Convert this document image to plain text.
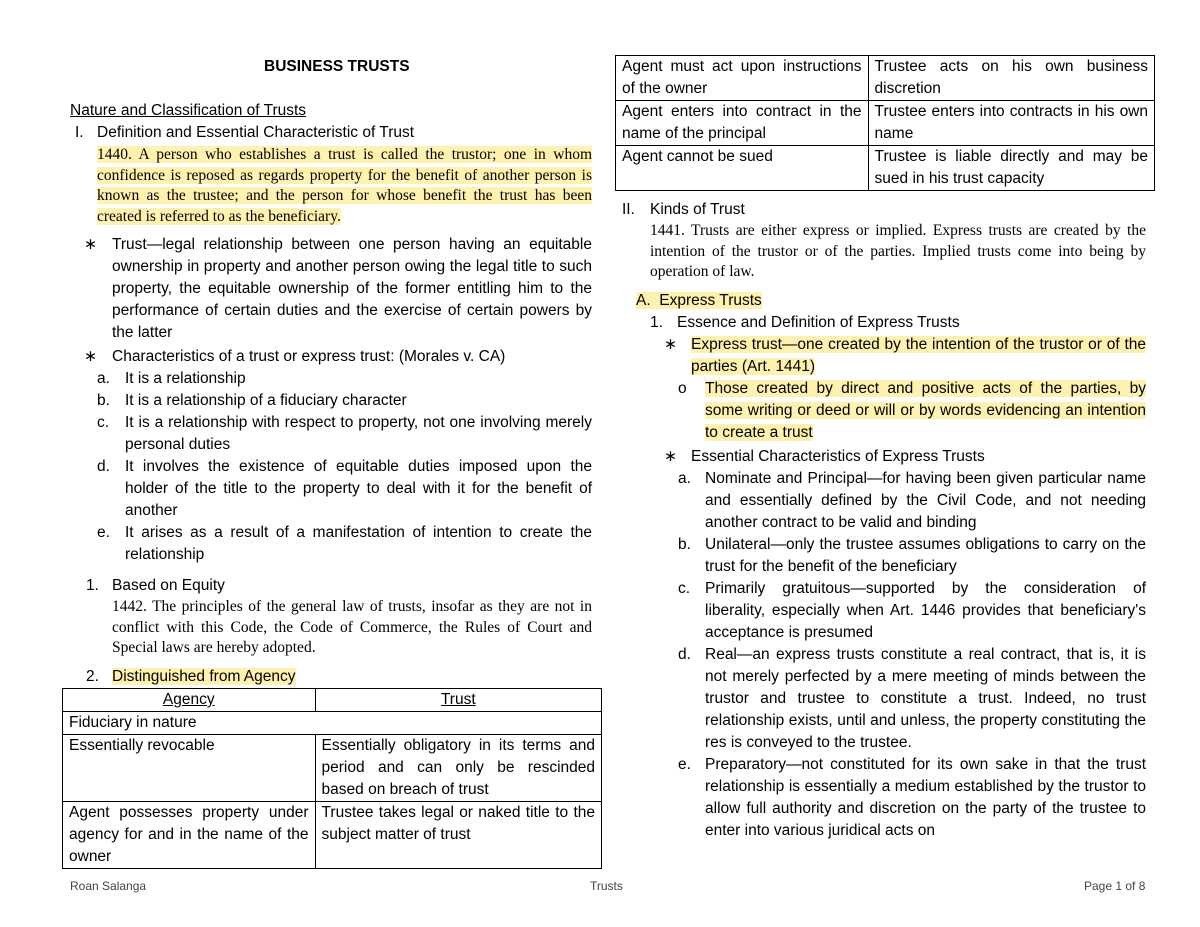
BUSINESS TRUSTS
Nature and Classification of Trusts
I. Definition and Essential Characteristic of Trust
1440. A person who establishes a trust is called the trustor; one in whom confidence is reposed as regards property for the benefit of another person is known as the trustee; and the person for whose benefit the trust has been created is referred to as the beneficiary.
∗ Trust—legal relationship between one person having an equitable ownership in property and another person owing the legal title to such property, the equitable ownership of the former entitling him to the performance of certain duties and the exercise of certain powers by the latter
∗ Characteristics of a trust or express trust: (Morales v. CA)
a. It is a relationship
b. It is a relationship of a fiduciary character
c. It is a relationship with respect to property, not one involving merely personal duties
d. It involves the existence of equitable duties imposed upon the holder of the title to the property to deal with it for the benefit of another
e. It arises as a result of a manifestation of intention to create the relationship
1. Based on Equity
1442. The principles of the general law of trusts, insofar as they are not in conflict with this Code, the Code of Commerce, the Rules of Court and Special laws are hereby adopted.
2. Distinguished from Agency
Agency	Trust
Fiduciary in nature	
Essentially revocable	Essentially obligatory in its terms and period and can only be rescinded based on breach of trust
Agent possesses property under agency for and in the name of the owner	Trustee takes legal or naked title to the subject matter of trust
Agent must act upon instructions of the owner	Trustee acts on his own business discretion
Agent enters into contract in the name of the principal	Trustee enters into contracts in his own name
Agent cannot be sued	Trustee is liable directly and may be sued in his trust capacity
II. Kinds of Trust
1441. Trusts are either express or implied. Express trusts are created by the intention of the trustor or of the parties. Implied trusts come into being by operation of law.
A. Express Trusts
1. Essence and Definition of Express Trusts
∗ Express trust—one created by the intention of the trustor or of the parties (Art. 1441)
o Those created by direct and positive acts of the parties, by some writing or deed or will or by words evidencing an intention to create a trust
∗ Essential Characteristics of Express Trusts
a. Nominate and Principal—for having been given particular name and essentially defined by the Civil Code, and not needing another contract to be valid and binding
b. Unilateral—only the trustee assumes obligations to carry on the trust for the benefit of the beneficiary
c. Primarily gratuitous—supported by the consideration of liberality, especially when Art. 1446 provides that beneficiary's acceptance is presumed
d. Real—an express trusts constitute a real contract, that is, it is not merely perfected by a mere meeting of minds between the trustor and trustee to constitute a trust. Indeed, no trust relationship exists, until and unless, the property constituting the res is conveyed to the trustee.
e. Preparatory—not constituted for its own sake in that the trust relationship is essentially a medium established by the trustor to allow full authority and discretion on the party of the trustee to enter into various juridical acts on
Roan Salanga	Trusts	Page 1 of 8
